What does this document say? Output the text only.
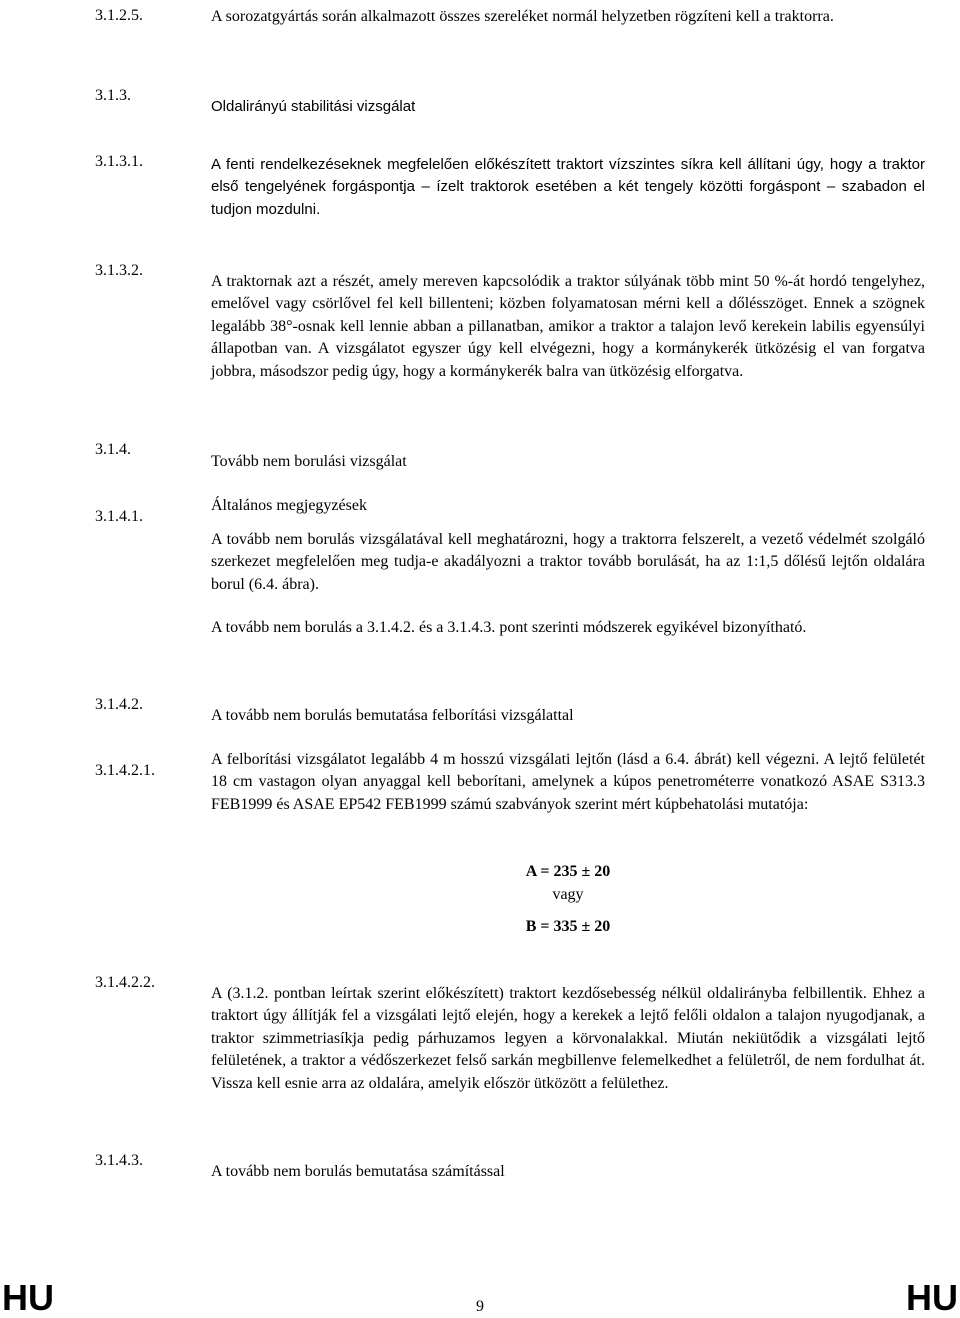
3.1.2.5.	A sorozatgyártás során alkalmazott összes szereléket normál helyzetben rögzíteni kell a traktorra.
3.1.3.
Oldalirányú stabilitási vizsgálat
3.1.3.1.	A fenti rendelkezéseknek megfelelően előkészített traktort vízszintes síkra kell állítani úgy, hogy a traktor első tengelyének forgáspontja – ízelt traktorok esetében a két tengely közötti forgáspont – szabadon el tudjon mozdulni.
3.1.3.2.
A traktornak azt a részét, amely mereven kapcsolódik a traktor súlyának több mint 50 %-át hordó tengelyhez, emelővel vagy csörlővel fel kell billenteni; közben folyamatosan mérni kell a dőlésszöget. Ennek a szögnek legalább 38°-osnak kell lennie abban a pillanatban, amikor a traktor a talajon levő kerekein labilis egyensúlyi állapotban van. A vizsgálatot egyszer úgy kell elvégezni, hogy a kormánykerék ütközésig el van forgatva jobbra, másodszor pedig úgy, hogy a kormánykerék balra van ütközésig elforgatva.
3.1.4.
Tovább nem borulási vizsgálat
3.1.4.1.
Általános megjegyzések
A tovább nem borulás vizsgálatával kell meghatározni, hogy a traktorra felszerelt, a vezető védelmét szolgáló szerkezet megfelelően meg tudja-e akadályozni a traktor tovább borulását, ha az 1:1,5 dőlésű lejtőn oldalára borul (6.4. ábra).
A tovább nem borulás a 3.1.4.2. és a 3.1.4.3. pont szerinti módszerek egyikével bizonyítható.
3.1.4.2.
A tovább nem borulás bemutatása felborítási vizsgálattal
3.1.4.2.1.
A felborítási vizsgálatot legalább 4 m hosszú vizsgálati lejtőn (lásd a 6.4. ábrát) kell végezni. A lejtő felületét 18 cm vastagon olyan anyaggal kell beborítani, amelynek a kúpos penetrométerre vonatkozó ASAE S313.3 FEB1999 és ASAE EP542 FEB1999 számú szabványok szerint mért kúpbehatolási mutatója:
A = 235 ± 20
vagy
B = 335 ± 20
3.1.4.2.2.
A (3.1.2. pontban leírtak szerint előkészített) traktort kezdősebesség nélkül oldalirányba felbillentik. Ehhez a traktort úgy állítják fel a vizsgálati lejtő elején, hogy a kerekek a lejtő felőli oldalon a talajon nyugodjanak, a traktor szimmetriasíkja pedig párhuzamos legyen a körvonalakkal. Miután nekiütődik a vizsgálati lejtő felületének, a traktor a védőszerkezet felső sarkán megbillenve felemelkedhet a felületről, de nem fordulhat át. Vissza kell esnie arra az oldalára, amelyik először ütközött a felülethez.
3.1.4.3.
A tovább nem borulás bemutatása számítással
HU	9	HU
